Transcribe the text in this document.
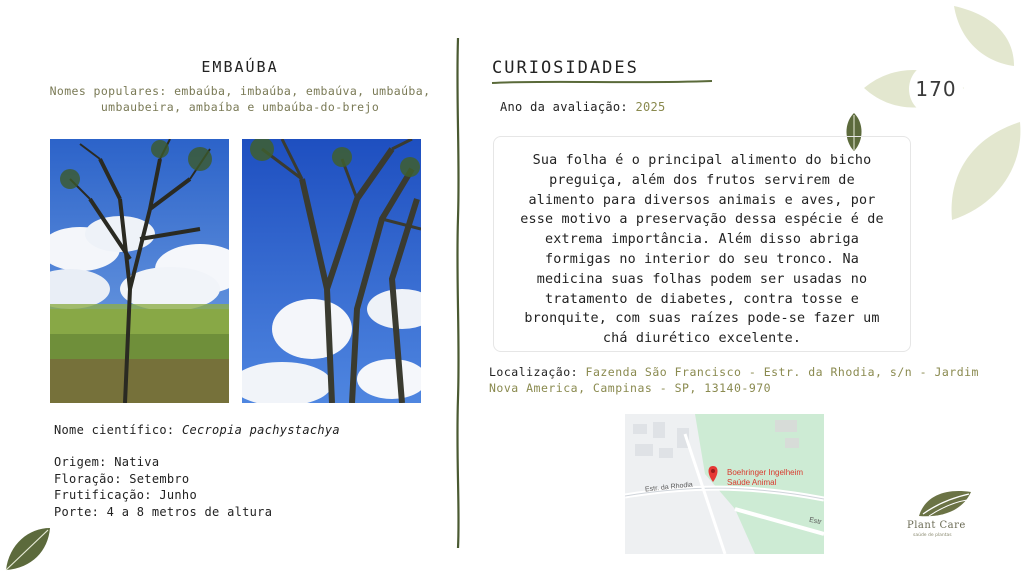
EMBAÚBA
Nomes populares: embaúba, imbaúba, embaúva, umbaúba, umbaubeira, ambaíba e umbaúba-do-brejo
Nome científico: Cecropia pachystachya
Origem: Nativa
Floração: Setembro
Frutificação: Junho
Porte: 4 a 8 metros de altura
CURIOSIDADES
Ano da avaliação: 2025

Sua folha é o principal alimento do bicho preguiça, além dos frutos servirem de alimento para diversos animais e aves, por esse motivo a preservação dessa espécie é de extrema importância. Além disso abriga formigas no interior do seu tronco. Na medicina suas folhas podem ser usadas no tratamento de diabetes, contra tosse e bronquite, com suas raízes pode-se fazer um chá diurético excelente.

Localização: Fazenda São Francisco - Estr. da Rhodia, s/n - Jardim Nova America, Campinas - SP, 13140-970
Boehringer Ingelheim
Saúde Animal
Estr. da Rhodia
Estr
170
Plant Care
saúde de plantas
